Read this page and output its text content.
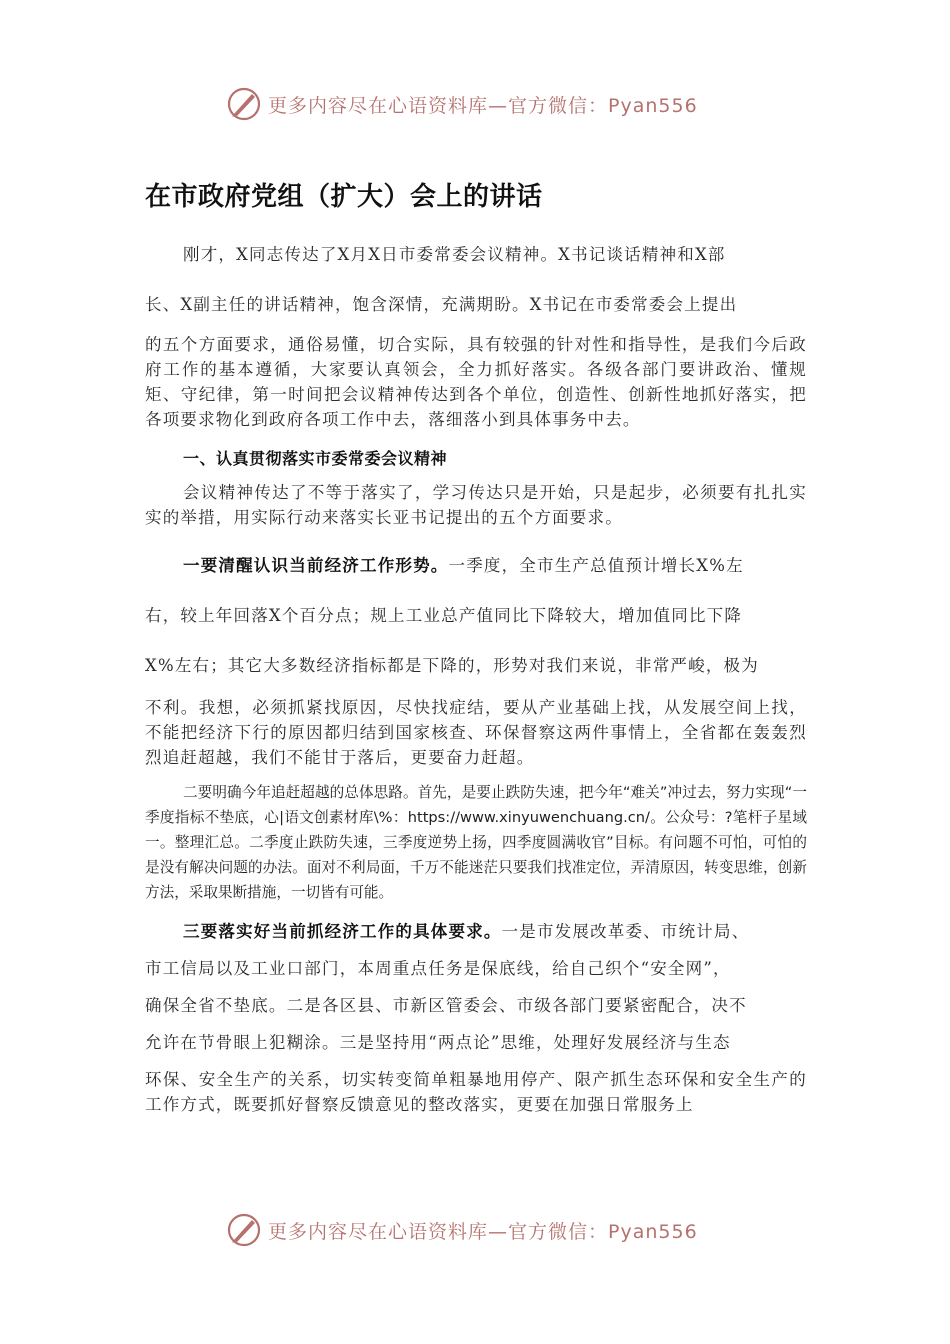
更多内容尽在心语资料库—官方微信：Pyan556
在市政府党组（扩大）会上的讲话
刚才，X同志传达了X月X日市委常委会议精神。X书记谈话精神和X部
长、X副主任的讲话精神，饱含深情，充满期盼。X书记在市委常委会上提出
的五个方面要求，通俗易懂，切合实际，具有较强的针对性和指导性，是我们今后政府工作的基本遵循，大家要认真领会，全力抓好落实。各级各部门要讲政治、懂规矩、守纪律，第一时间把会议精神传达到各个单位，创造性、创新性地抓好落实，把各项要求物化到政府各项工作中去，落细落小到具体事务中去。
一、认真贯彻落实市委常委会议精神
会议精神传达了不等于落实了，学习传达只是开始，只是起步，必须要有扎扎实实的举措，用实际行动来落实长亚书记提出的五个方面要求。
一要清醒认识当前经济工作形势。一季度，全市生产总值预计增长X%左
右，较上年回落X个百分点；规上工业总产值同比下降较大，增加值同比下降
X%左右；其它大多数经济指标都是下降的，形势对我们来说，非常严峻，极为
不利。我想，必须抓紧找原因，尽快找症结，要从产业基础上找，从发展空间上找，不能把经济下行的原因都归结到国家核查、环保督察这两件事情上，全省都在轰轰烈烈追赶超越，我们不能甘于落后，更要奋力赶超。
二要明确今年追赶超越的总体思路。首先，是要止跌防失速，把今年“难关”冲过去，努力实现“一季度指标不垫底，心|语文创素材库\%：https://www.xinyuwenchuang.cn/。公众号：?笔杆子星域一。整理汇总。二季度止跌防失速，三季度逆势上扬，四季度圆满收官”目标。有问题不可怕，可怕的是没有解决问题的办法。面对不利局面，千万不能迷茫只要我们找准定位，弄清原因，转变思维，创新方法，采取果断措施，一切皆有可能。
三要落实好当前抓经济工作的具体要求。一是市发展改革委、市统计局、
市工信局以及工业口部门，本周重点任务是保底线，给自己织个“安全网”，
确保全省不垫底。二是各区县、市新区管委会、市级各部门要紧密配合，决不
允许在节骨眼上犯糊涂。三是坚持用“两点论”思维，处理好发展经济与生态
环保、安全生产的关系，切实转变简单粗暴地用停产、限产抓生态环保和安全生产的工作方式，既要抓好督察反馈意见的整改落实，更要在加强日常服务上
更多内容尽在心语资料库—官方微信：Pyan556
